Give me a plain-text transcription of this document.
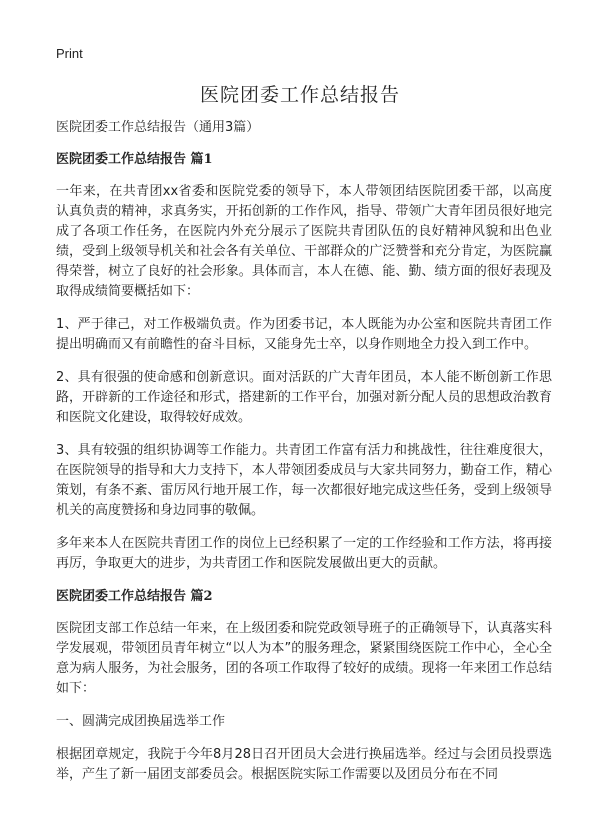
Print
医院团委工作总结报告

医院团委工作总结报告（通用3篇）

医院团委工作总结报告 篇1

一年来，在共青团xx省委和医院党委的领导下，本人带领团结医院团委干部，以高度认真负责的精神，求真务实，开拓创新的工作作风，指导、带领广大青年团员很好地完成了各项工作任务，在医院内外充分展示了医院共青团队伍的良好精神风貌和出色业绩，受到上级领导机关和社会各有关单位、干部群众的广泛赞誉和充分肯定，为医院赢得荣誉，树立了良好的社会形象。具体而言，本人在德、能、勤、绩方面的很好表现及取得成绩简要概括如下：

1、严于律己，对工作极端负责。作为团委书记，本人既能为办公室和医院共青团工作提出明确而又有前瞻性的奋斗目标，又能身先士卒，以身作则地全力投入到工作中。

2、具有很强的使命感和创新意识。面对活跃的广大青年团员，本人能不断创新工作思路，开辟新的工作途径和形式，搭建新的工作平台，加强对新分配人员的思想政治教育和医院文化建设，取得较好成效。

3、具有较强的组织协调等工作能力。共青团工作富有活力和挑战性，往往难度很大，在医院领导的指导和大力支持下，本人带领团委成员与大家共同努力，勤奋工作，精心策划，有条不紊、雷厉风行地开展工作，每一次都很好地完成这些任务，受到上级领导机关的高度赞扬和身边同事的敬佩。

多年来本人在医院共青团工作的岗位上已经积累了一定的工作经验和工作方法，将再接再厉，争取更大的进步，为共青团工作和医院发展做出更大的贡献。

医院团委工作总结报告 篇2

医院团支部工作总结一年来，在上级团委和院党政领导班子的正确领导下，认真落实科学发展观，带领团员青年树立“以人为本”的服务理念，紧紧围绕医院工作中心，全心全意为病人服务，为社会服务，团的各项工作取得了较好的成绩。现将一年来团工作总结如下：

一、圆满完成团换届选举工作

根据团章规定，我院于今年8月28日召开团员大会进行换届选举。经过与会团员投票选举，产生了新一届团支部委员会。根据医院实际工作需要以及团员分布在不同
